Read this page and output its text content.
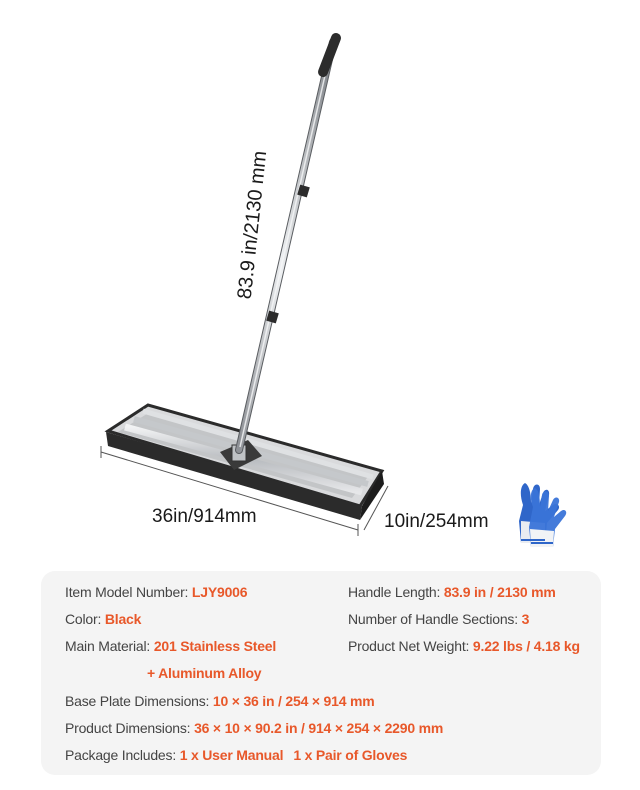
83.9 in/2130 mm
36in/914mm	10in/254mm
Item Model Number: LJY9006	Handle Length: 83.9 in / 2130 mm
Color: Black	Number of Handle Sections: 3
Main Material: 201 Stainless Steel	Product Net Weight: 9.22 lbs / 4.18 kg
+ Aluminum Alloy
Base Plate Dimensions: 10 × 36 in / 254 × 914 mm
Product Dimensions: 36 × 10 × 90.2 in / 914 × 254 × 2290 mm
Package Includes: 1 x User Manual 1 x Pair of Gloves
